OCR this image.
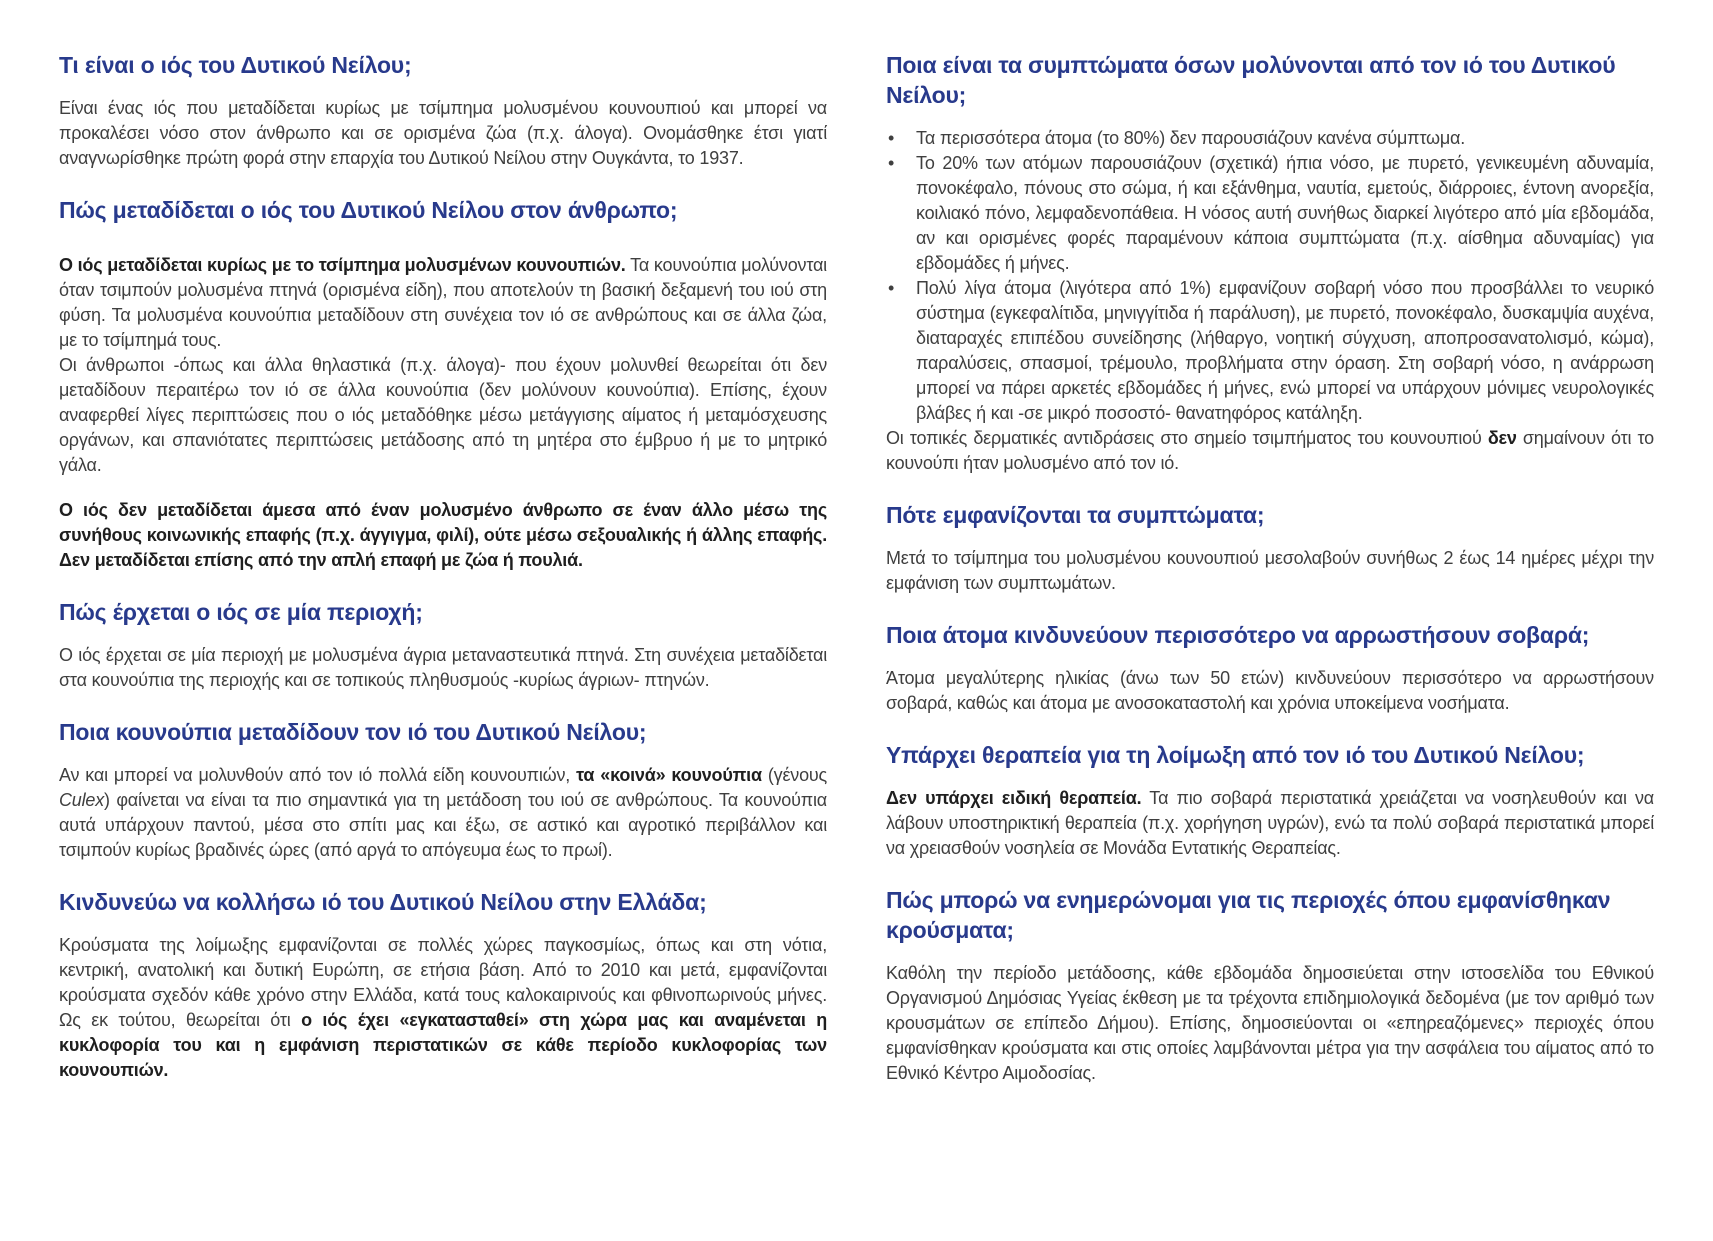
Τι είναι ο ιός του Δυτικού Νείλου;

Είναι ένας ιός που μεταδίδεται κυρίως με τσίμπημα μολυσμένου κουνουπιού και μπορεί να προκαλέσει νόσο στον άνθρωπο και σε ορισμένα ζώα (π.χ. άλογα). Ονομάσθηκε έτσι γιατί αναγνωρίσθηκε πρώτη φορά στην επαρχία του Δυτικού Νείλου στην Ουγκάντα, το 1937.

Πώς μεταδίδεται ο ιός του Δυτικού Νείλου στον άνθρωπο;

Ο ιός μεταδίδεται κυρίως με το τσίμπημα μολυσμένων κουνουπιών. Τα κουνούπια μολύνονται όταν τσιμπούν μολυσμένα πτηνά (ορισμένα είδη), που αποτελούν τη βασική δεξαμενή του ιού στη φύση. Τα μολυσμένα κουνούπια μεταδίδουν στη συνέχεια τον ιό σε ανθρώπους και σε άλλα ζώα, με το τσίμπημά τους.

Οι άνθρωποι -όπως και άλλα θηλαστικά (π.χ. άλογα)- που έχουν μολυνθεί θεωρείται ότι δεν μεταδίδουν περαιτέρω τον ιό σε άλλα κουνούπια (δεν μολύνουν κουνούπια). Επίσης, έχουν αναφερθεί λίγες περιπτώσεις που ο ιός μεταδόθηκε μέσω μετάγγισης αίματος ή μεταμόσχευσης οργάνων, και σπανιότατες περιπτώσεις μετάδοσης από τη μητέρα στο έμβρυο ή με το μητρικό γάλα.

Ο ιός δεν μεταδίδεται άμεσα από έναν μολυσμένο άνθρωπο σε έναν άλλο μέσω της συνήθους κοινωνικής επαφής (π.χ. άγγιγμα, φιλί), ούτε μέσω σεξουαλικής ή άλλης επαφής. Δεν μεταδίδεται επίσης από την απλή επαφή με ζώα ή πουλιά.

Πώς έρχεται ο ιός σε μία περιοχή;

Ο ιός έρχεται σε μία περιοχή με μολυσμένα άγρια μεταναστευτικά πτηνά. Στη συνέχεια μεταδίδεται στα κουνούπια της περιοχής και σε τοπικούς πληθυσμούς -κυρίως άγριων- πτηνών.

Ποια κουνούπια μεταδίδουν τον ιό του Δυτικού Νείλου;

Αν και μπορεί να μολυνθούν από τον ιό πολλά είδη κουνουπιών, τα «κοινά» κουνούπια (γένους Culex) φαίνεται να είναι τα πιο σημαντικά για τη μετάδοση του ιού σε ανθρώπους. Τα κουνούπια αυτά υπάρχουν παντού, μέσα στο σπίτι μας και έξω, σε αστικό και αγροτικό περιβάλλον και τσιμπούν κυρίως βραδινές ώρες (από αργά το απόγευμα έως το πρωί).

Κινδυνεύω να κολλήσω ιό του Δυτικού Νείλου στην Ελλάδα;

Κρούσματα της λοίμωξης εμφανίζονται σε πολλές χώρες παγκοσμίως, όπως και στη νότια, κεντρική, ανατολική και δυτική Ευρώπη, σε ετήσια βάση. Από το 2010 και μετά, εμφανίζονται κρούσματα σχεδόν κάθε χρόνο στην Ελλάδα, κατά τους καλοκαιρινούς και φθινοπωρινούς μήνες. Ως εκ τούτου, θεωρείται ότι ο ιός έχει «εγκατασταθεί» στη χώρα μας και αναμένεται η κυκλοφορία του και η εμφάνιση περιστατικών σε κάθε περίοδο κυκλοφορίας των κουνουπιών.

Ποια είναι τα συμπτώματα όσων μολύνονται από τον ιό του Δυτικού Νείλου;
• Τα περισσότερα άτομα (το 80%) δεν παρουσιάζουν κανένα σύμπτωμα.
• Το 20% των ατόμων παρουσιάζουν (σχετικά) ήπια νόσο, με πυρετό, γενικευμένη αδυναμία, πονοκέφαλο, πόνους στο σώμα, ή και εξάνθημα, ναυτία, εμετούς, διάρροιες, έντονη ανορεξία, κοιλιακό πόνο, λεμφαδενοπάθεια. Η νόσος αυτή συνήθως διαρκεί λιγότερο από μία εβδομάδα, αν και ορισμένες φορές παραμένουν κάποια συμπτώματα (π.χ. αίσθημα αδυναμίας) για εβδομάδες ή μήνες.
• Πολύ λίγα άτομα (λιγότερα από 1%) εμφανίζουν σοβαρή νόσο που προσβάλλει το νευρικό σύστημα (εγκεφαλίτιδα, μηνιγγίτιδα ή παράλυση), με πυρετό, πονοκέφαλο, δυσκαμψία αυχένα, διαταραχές επιπέδου συνείδησης (λήθαργο, νοητική σύγχυση, αποπροσανατολισμό, κώμα), παραλύσεις, σπασμοί, τρέμουλο, προβλήματα στην όραση. Στη σοβαρή νόσο, η ανάρρωση μπορεί να πάρει αρκετές εβδομάδες ή μήνες, ενώ μπορεί να υπάρχουν μόνιμες νευρολογικές βλάβες ή και -σε μικρό ποσοστό- θανατηφόρος κατάληξη.

Οι τοπικές δερματικές αντιδράσεις στο σημείο τσιμπήματος του κουνουπιού δεν σημαίνουν ότι το κουνούπι ήταν μολυσμένο από τον ιό.

Πότε εμφανίζονται τα συμπτώματα;

Μετά το τσίμπημα του μολυσμένου κουνουπιού μεσολαβούν συνήθως 2 έως 14 ημέρες μέχρι την εμφάνιση των συμπτωμάτων.

Ποια άτομα κινδυνεύουν περισσότερο να αρρωστήσουν σοβαρά;

Άτομα μεγαλύτερης ηλικίας (άνω των 50 ετών) κινδυνεύουν περισσότερο να αρρωστήσουν σοβαρά, καθώς και άτομα με ανοσοκαταστολή και χρόνια υποκείμενα νοσήματα.

Υπάρχει θεραπεία για τη λοίμωξη από τον ιό του Δυτικού Νείλου;

Δεν υπάρχει ειδική θεραπεία. Τα πιο σοβαρά περιστατικά χρειάζεται να νοσηλευθούν και να λάβουν υποστηρικτική θεραπεία (π.χ. χορήγηση υγρών), ενώ τα πολύ σοβαρά περιστατικά μπορεί να χρειασθούν νοσηλεία σε Μονάδα Εντατικής Θεραπείας.

Πώς μπορώ να ενημερώνομαι για τις περιοχές όπου εμφανίσθηκαν κρούσματα;

Καθόλη την περίοδο μετάδοσης, κάθε εβδομάδα δημοσιεύεται στην ιστοσελίδα του Εθνικού Οργανισμού Δημόσιας Υγείας έκθεση με τα τρέχοντα επιδημιολογικά δεδομένα (με τον αριθμό των κρουσμάτων σε επίπεδο Δήμου). Επίσης, δημοσιεύονται οι «επηρεαζόμενες» περιοχές όπου εμφανίσθηκαν κρούσματα και στις οποίες λαμβάνονται μέτρα για την ασφάλεια του αίματος από το Εθνικό Κέντρο Αιμοδοσίας.
